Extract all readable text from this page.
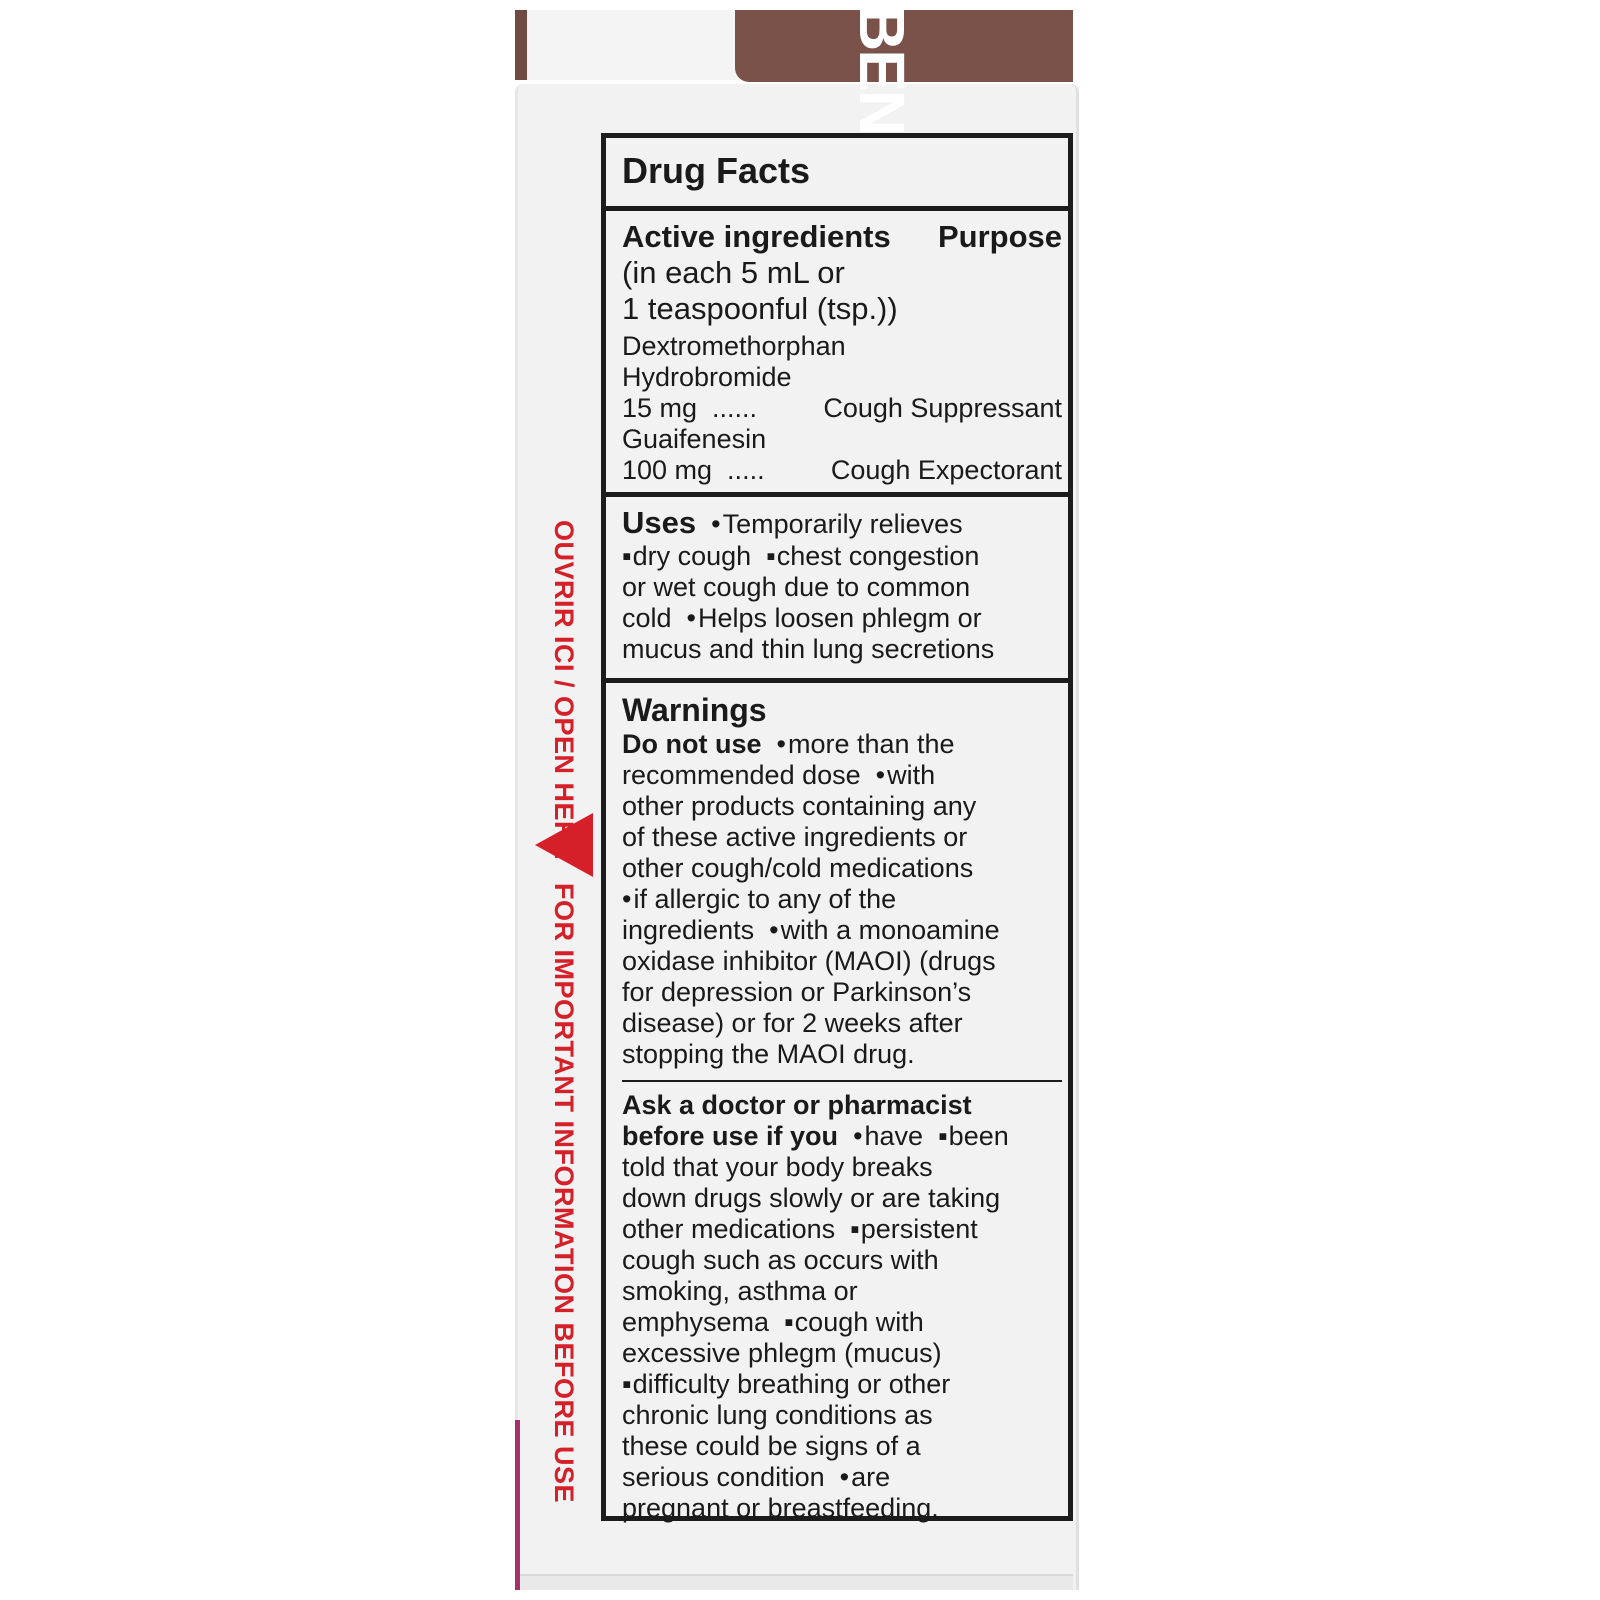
OUVRIR ICI / OPEN HERE
FOR IMPORTANT INFORMATION BEFORE USE
Drug Facts
Active ingredients Purpose
(in each 5 mL or
1 teaspoonful (tsp.))
Dextromethorphan
Hydrobromide
15 mg  ...... Cough Suppressant
Guaifenesin
100 mg  ..... Cough Expectorant
Uses • Temporarily relieves
▪ dry cough ▪ chest congestion
or wet cough due to common
cold • Helps loosen phlegm or
mucus and thin lung secretions
Warnings
Do not use • more than the
recommended dose • with
other products containing any
of these active ingredients or
other cough/cold medications
• if allergic to any of the
ingredients • with a monoamine
oxidase inhibitor (MAOI) (drugs
for depression or Parkinson’s
disease) or for 2 weeks after
stopping the MAOI drug.
Ask a doctor or pharmacist
before use if you • have ▪ been
told that your body breaks
down drugs slowly or are taking
other medications ▪ persistent
cough such as occurs with
smoking, asthma or
emphysema ▪ cough with
excessive phlegm (mucus)
▪ difficulty breathing or other
chronic lung conditions as
these could be signs of a
serious condition • are
pregnant or breastfeeding.
